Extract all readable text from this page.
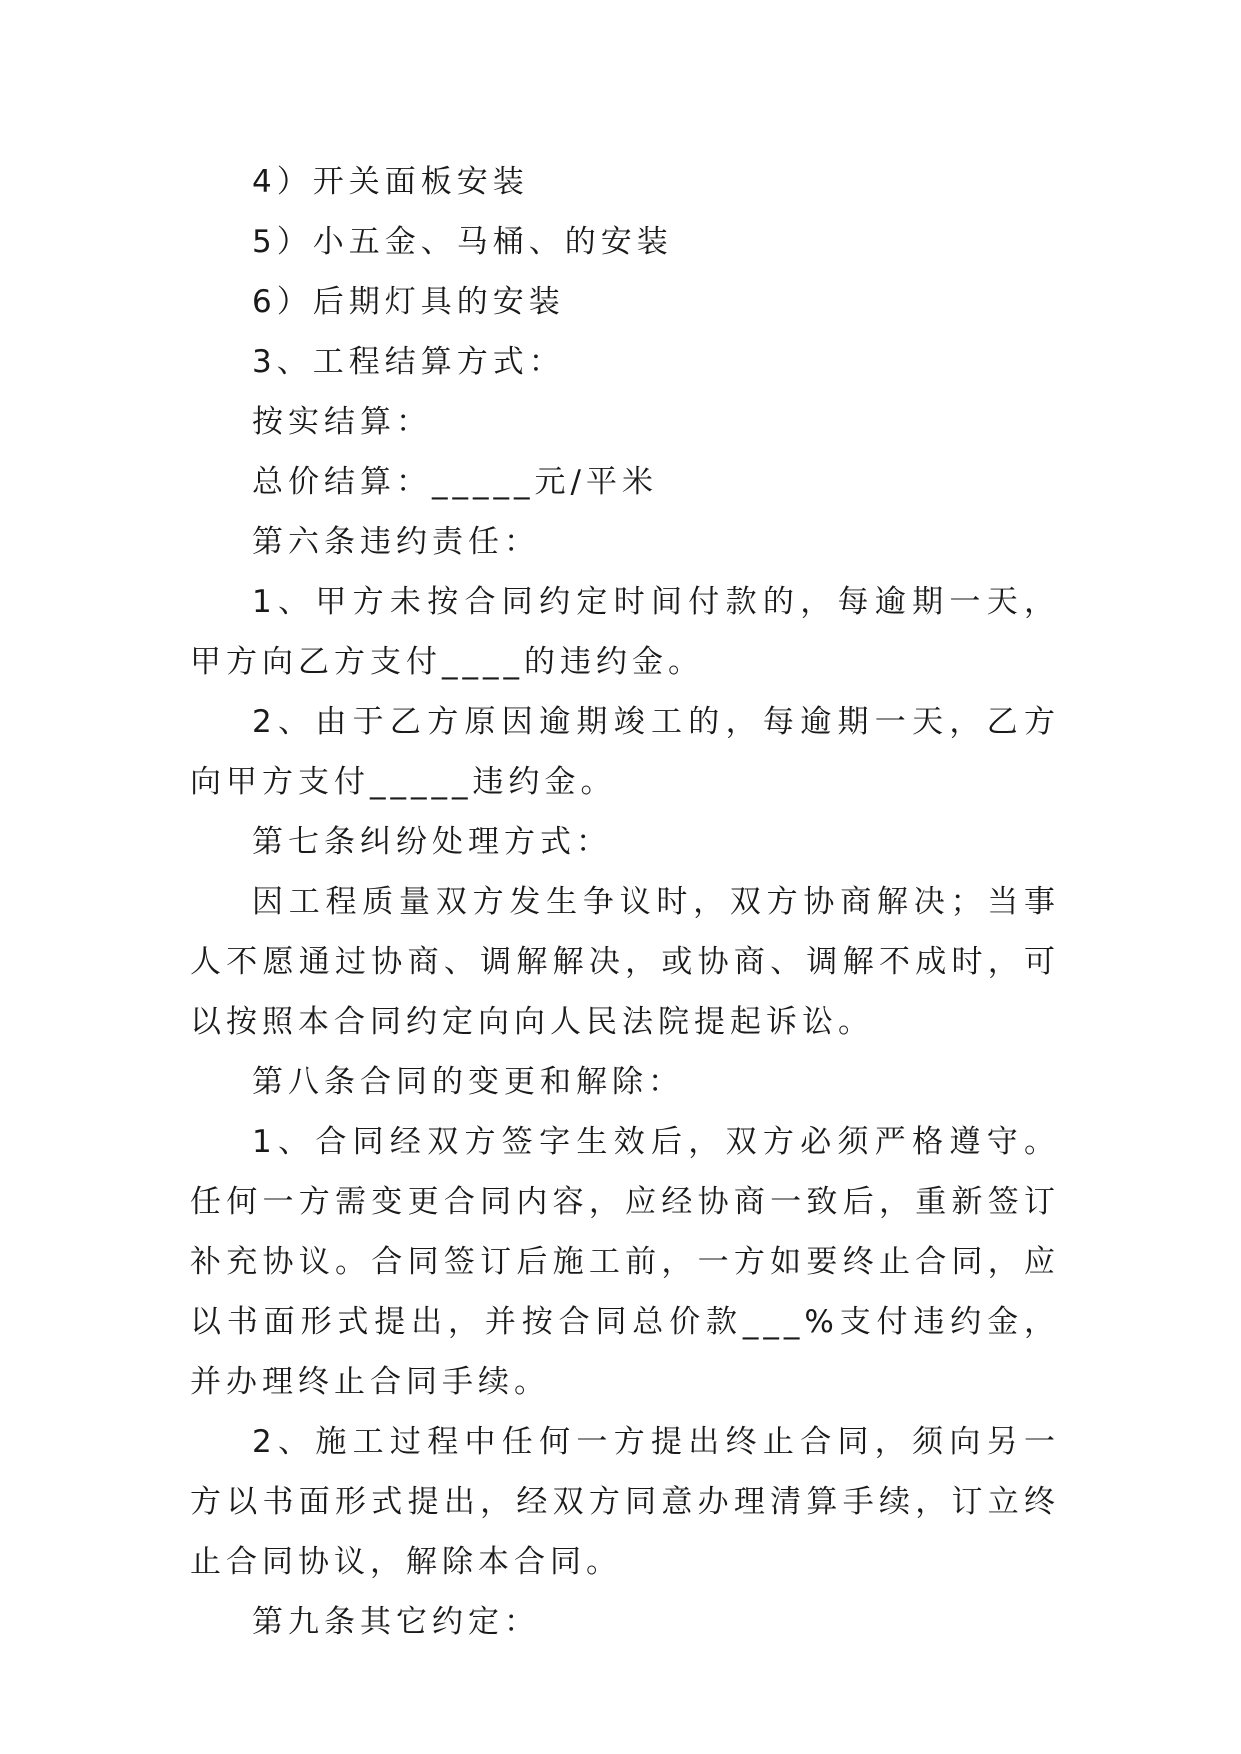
4）开关面板安装

5）小五金、马桶、的安装

6）后期灯具的安装

3、工程结算方式：

按实结算：

总价结算：_____元/平米

第六条违约责任：

1、甲方未按合同约定时间付款的，每逾期一天，甲方向乙方支付____的违约金。

2、由于乙方原因逾期竣工的，每逾期一天，乙方向甲方支付_____违约金。

第七条纠纷处理方式：

因工程质量双方发生争议时，双方协商解决；当事人不愿通过协商、调解解决，或协商、调解不成时，可以按照本合同约定向向人民法院提起诉讼。

第八条合同的变更和解除：

1、合同经双方签字生效后，双方必须严格遵守。任何一方需变更合同内容，应经协商一致后，重新签订补充协议。合同签订后施工前，一方如要终止合同，应以书面形式提出，并按合同总价款___%支付违约金，并办理终止合同手续。

2、施工过程中任何一方提出终止合同，须向另一方以书面形式提出，经双方同意办理清算手续，订立终止合同协议，解除本合同。

第九条其它约定：
